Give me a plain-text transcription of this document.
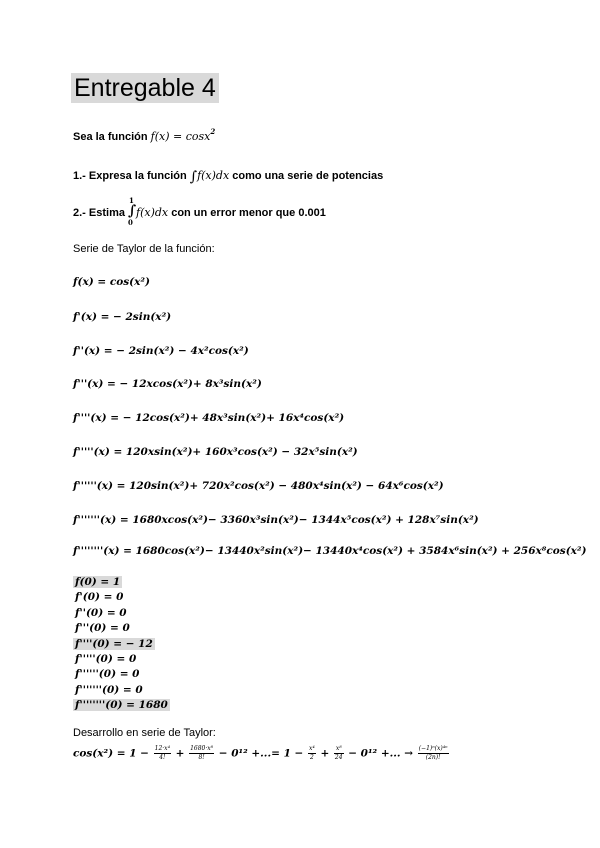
Entregable 4
Sea la función f(x) = cosx$^2$
1.- Expresa la función ∫f(x)dx como una serie de potencias
2.- Estima
1
∫
0
f(x)dx con un error menor que 0.001
Serie de Taylor de la función:
f(x) = cos(x²)
f'(x) = − 2sin(x²)
f''(x) = − 2sin(x²) − 4x²cos(x²)
f'''(x) = − 12xcos(x²)+ 8x³sin(x²)
f''''(x) = − 12cos(x²)+ 48x³sin(x²)+ 16x⁴cos(x²)
f'''''(x) = 120xsin(x²)+ 160x³cos(x²) − 32x⁵sin(x²)
f''''''(x) = 120sin(x²)+ 720x²cos(x²) − 480x⁴sin(x²) − 64x⁶cos(x²)
f'''''''(x) = 1680xcos(x²)− 3360x³sin(x²)− 1344x⁵cos(x²) + 128x⁷sin(x²)
f''''''''(x) = 1680cos(x²)− 13440x²sin(x²)− 13440x⁴cos(x²) + 3584x⁶sin(x²) + 256x⁸cos(x²)
f(0) = 1
f'(0) = 0
f''(0) = 0
f'''(0) = 0
f''''(0) = − 12
f'''''(0) = 0
f''''''(0) = 0
f'''''''(0) = 0
f''''''''(0) = 1680
Desarrollo en serie de Taylor:
$\cos(x^2) = 1 - \frac{\text{12·x⁴}}{4!} + \frac{\text{1680·x⁸}}{8!} - 0^{12}$ +...= $1 - \frac{\text{x⁴}}{2} + \frac{\text{x⁸}}{24} - 0^{12}$ +... → $\frac{\text{(−1)ⁿ(x)⁴ⁿ}}{(2n)!}$
